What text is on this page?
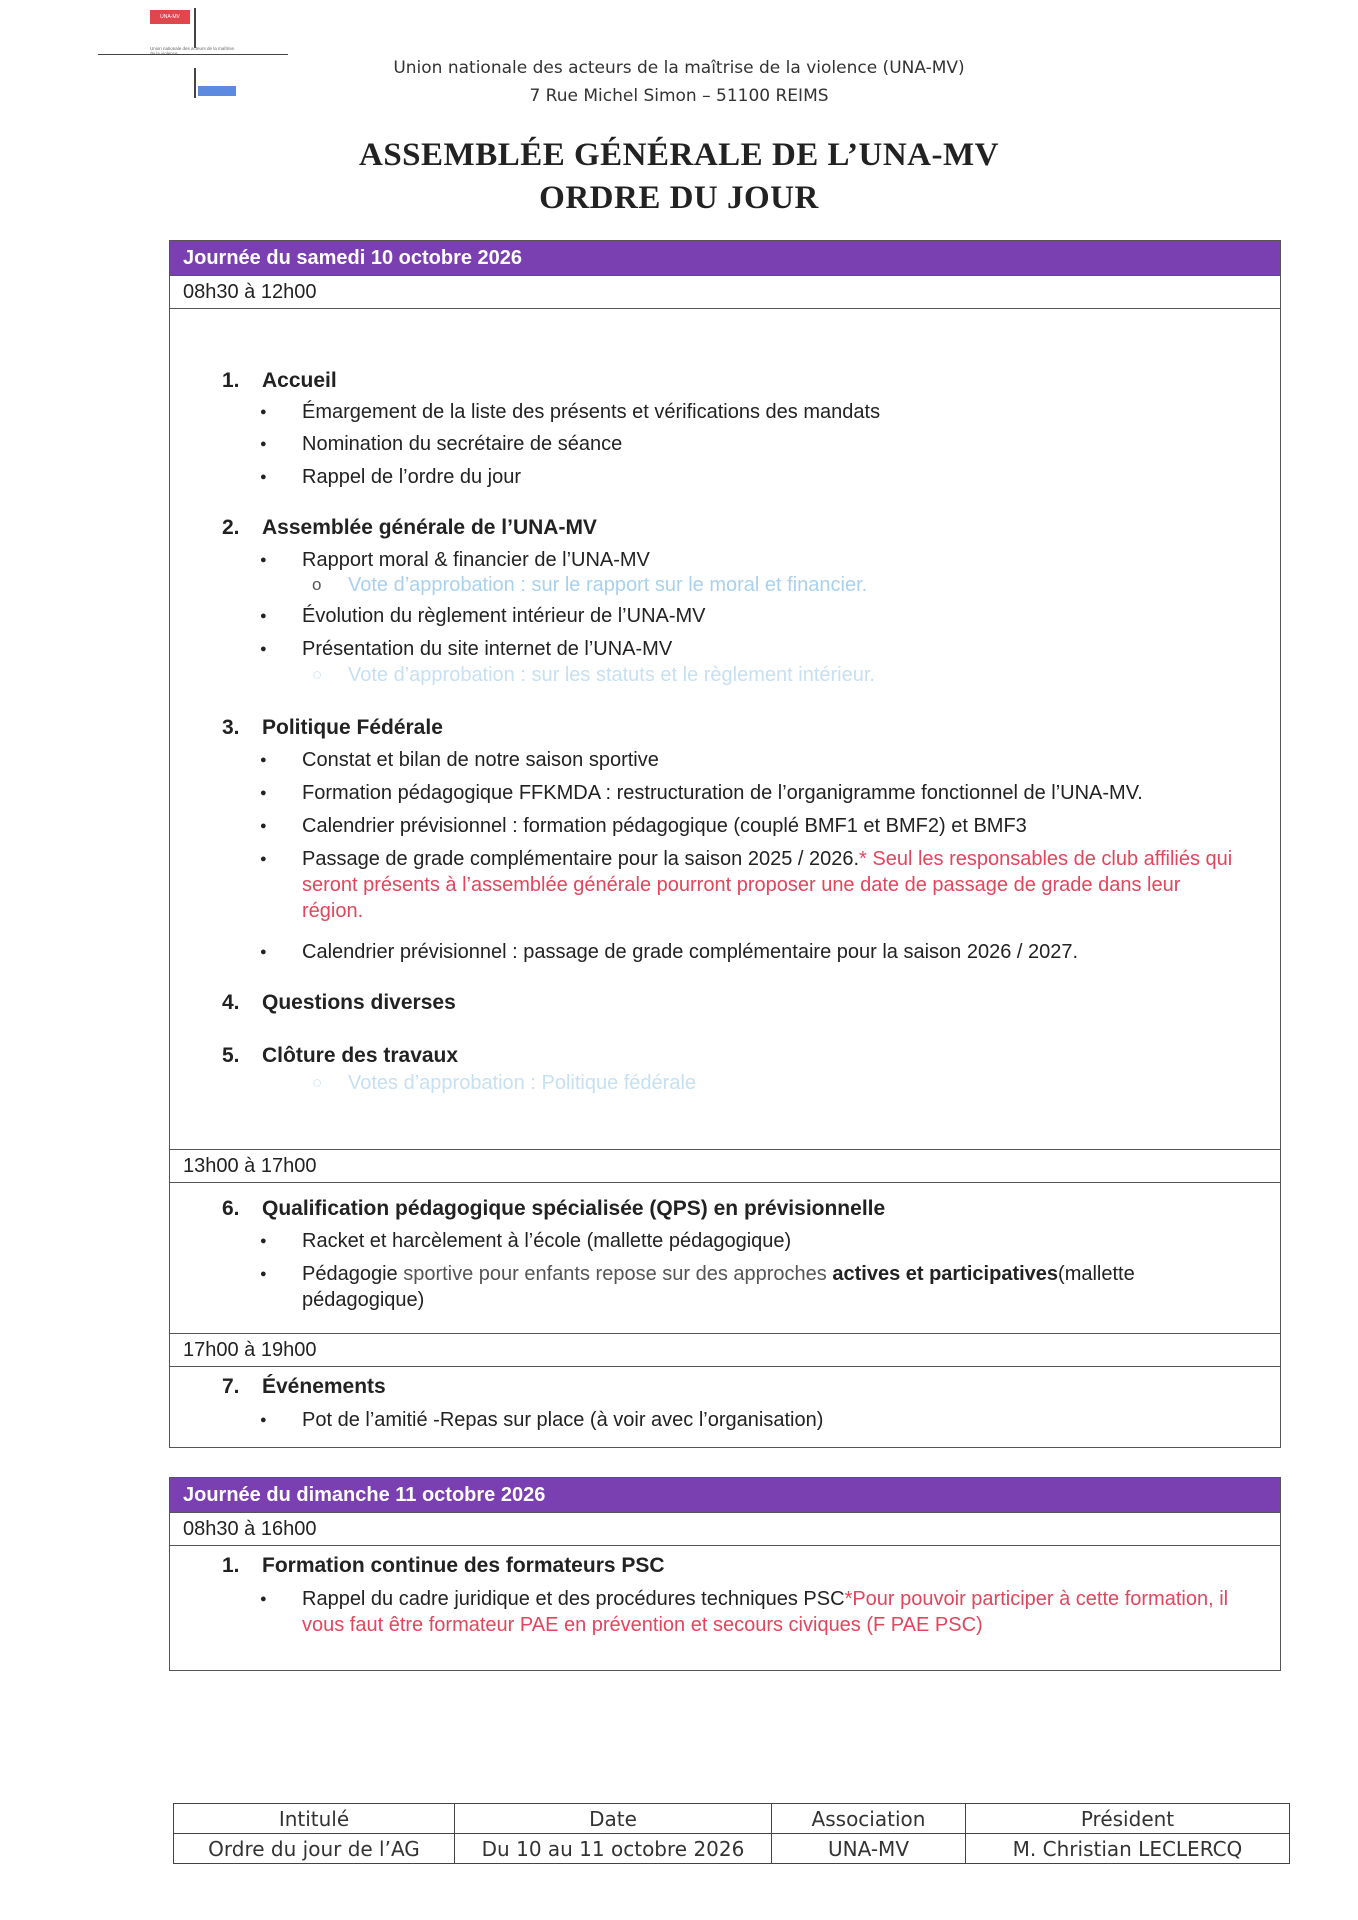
UNA-MV
Union nationale des acteurs de la maîtrise
Union nationale des acteurs de la maîtrise de la violence (UNA-MV)
7 Rue Michel Simon – 51100 REIMS
ASSEMBLÉE GÉNÉRALE DE L’UNA-MV
ORDRE DU JOUR
Journée du samedi 10 octobre 2026
08h30 à 12h00
1. Accueil
● Émargement de la liste des présents et vérifications des mandats
● Nomination du secrétaire de séance
● Rappel de l’ordre du jour
2. Assemblée générale de l’UNA-MV
● Rapport moral & financier de l’UNA-MV
o Vote d’approbation : sur le rapport sur le moral et financier.
● Évolution du règlement intérieur de l’UNA-MV
● Présentation du site internet de l’UNA-MV
○ Vote d’approbation : sur les statuts et le règlement intérieur.
3. Politique Fédérale
● Constat et bilan de notre saison sportive
● Formation pédagogique FFKMDA : restructuration de l’organigramme fonctionnel de l’UNA-MV.
● Calendrier prévisionnel : formation pédagogique (couplé BMF1 et BMF2) et BMF3
● Passage de grade complémentaire pour la saison 2025 / 2026.* Seul les responsables de club affiliés qui seront présents à l’assemblée générale pourront proposer une date de passage de grade dans leur région.
● Calendrier prévisionnel : passage de grade complémentaire pour la saison 2026 / 2027.
4. Questions diverses
5. Clôture des travaux
○ Votes d’approbation : Politique fédérale
13h00 à 17h00
6. Qualification pédagogique spécialisée (QPS) en prévisionnelle
● Racket et harcèlement à l’école (mallette pédagogique)
● Pédagogie sportive pour enfants repose sur des approches actives et participatives(mallette pédagogique)
17h00 à 19h00
7. Événements
● Pot de l’amitié -Repas sur place (à voir avec l’organisation)
Journée du dimanche 11 octobre 2026
08h30 à 16h00
1. Formation continue des formateurs PSC
● Rappel du cadre juridique et des procédures techniques PSC*Pour pouvoir participer à cette formation, il vous faut être formateur PAE en prévention et secours civiques (F PAE PSC)
Intitulé	Date	Association	Président
Ordre du jour de l’AG	Du 10 au 11 octobre 2026	UNA-MV	M. Christian LECLERCQ
